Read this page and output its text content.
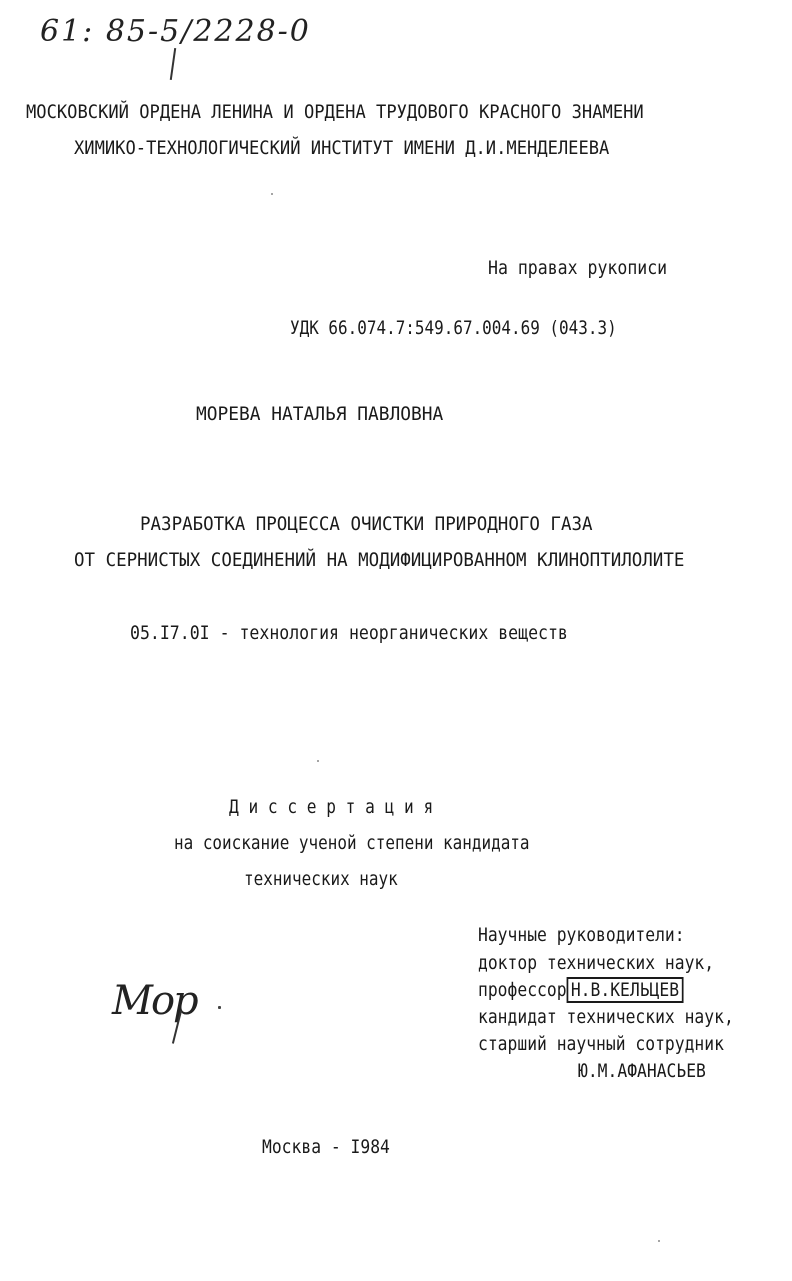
61: 85-5/2228-0
МОСКОВСКИЙ ОРДЕНА ЛЕНИНА И ОРДЕНА ТРУДОВОГО КРАСНОГО ЗНАМЕНИ
ХИМИКО-ТЕХНОЛОГИЧЕСКИЙ ИНСТИТУТ ИМЕНИ Д.И.МЕНДЕЛЕЕВА
На правах рукописи
УДК 66.074.7:549.67.004.69 (043.3)
МОРЕВА НАТАЛЬЯ ПАВЛОВНА
РАЗРАБОТКА ПРОЦЕССА ОЧИСТКИ ПРИРОДНОГО ГАЗА
ОТ СЕРНИСТЫХ СОЕДИНЕНИЙ НА МОДИФИЦИРОВАННОМ КЛИНОПТИЛОЛИТЕ
05.I7.0I - технология неорганических веществ
Д и с с е р т а ц и я
на соискание ученой степени кандидата
технических наук
Научные руководители:
доктор технических наук,
профессор Н.В.КЕЛЬЦЕВ
кандидат технических наук,
старший научный сотрудник
Ю.М.АФАНАСЬЕВ
Мор
Москва - I984
